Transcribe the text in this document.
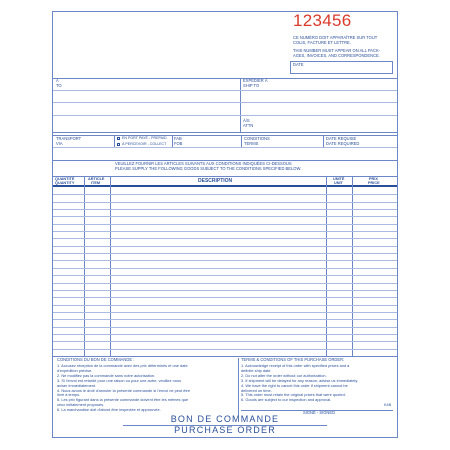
123456
CE NUMÉRO DOIT APPARAÎTRE SUR TOUT
COLIS, FACTURE ET LETTRE.
THIS NUMBER MUST APPEAR ON ALL PACK-
AGES, INVOICES, AND CORRESPONDENCE.
DATE
À
TO
EXPÉDIER À
SHIP TO
À/S
ATTN
TRANSPORT
VIA
EN PORT PAYÉ - PREPAID
À PERCEVOIR - COLLECT
FAB
FOB
CONDITIONS
TERMS
DATE REQUISE
DATE REQUIRED
VEUILLEZ FOURNIR LES ARTICLES SUIVANTS AUX CONDITIONS INDIQUÉES CI-DESSOUS
PLEASE SUPPLY THE FOLLOWING GOODS SUBJECT TO THE CONDITIONS SPECIFIED BELOW.
QUANTITÉ
QUANTITY
ARTICLE
ITEM	DESCRIPTION	UNITÉ
UNIT
PRIX
PRICE
CONDITIONS DU BON DE COMMANDE :
1. Accusez réception de la commande avec des prix déterminés et une date
d'expédition précise.
2. Ne modifiez pas la commande sans notre autorisation.
3. Si l'envoi est retardé pour une raison ou pour une autre, veuillez nous
aviser immédiatement.
4. Nous avons le droit d'annuler la présente commande si l'envoi ne peut être
livré à temps.
5. Les prix figurant dans la présente commande doivent être les mêmes que
ceux initialement proposés.
6. La marchandise doit d'abord être inspectée et approuvée.
TERMS & CONDITIONS OF THIS PURCHASE ORDER:
1. Acknowledge receipt of this order with specified prices and a
definite ship date.
2. Do not alter the order without our authorization.
3. If shipment will be delayed for any reason, advise us immediately.
4. We have the right to cancel this order if shipment cannot be
delivered on time.
5. This order must retain the original prices that were quoted.
6. Goods are subject to our inspection and approval.
SIGNÉ - SIGNED
BON DE COMMANDE
PURCHASE ORDER
K4B
